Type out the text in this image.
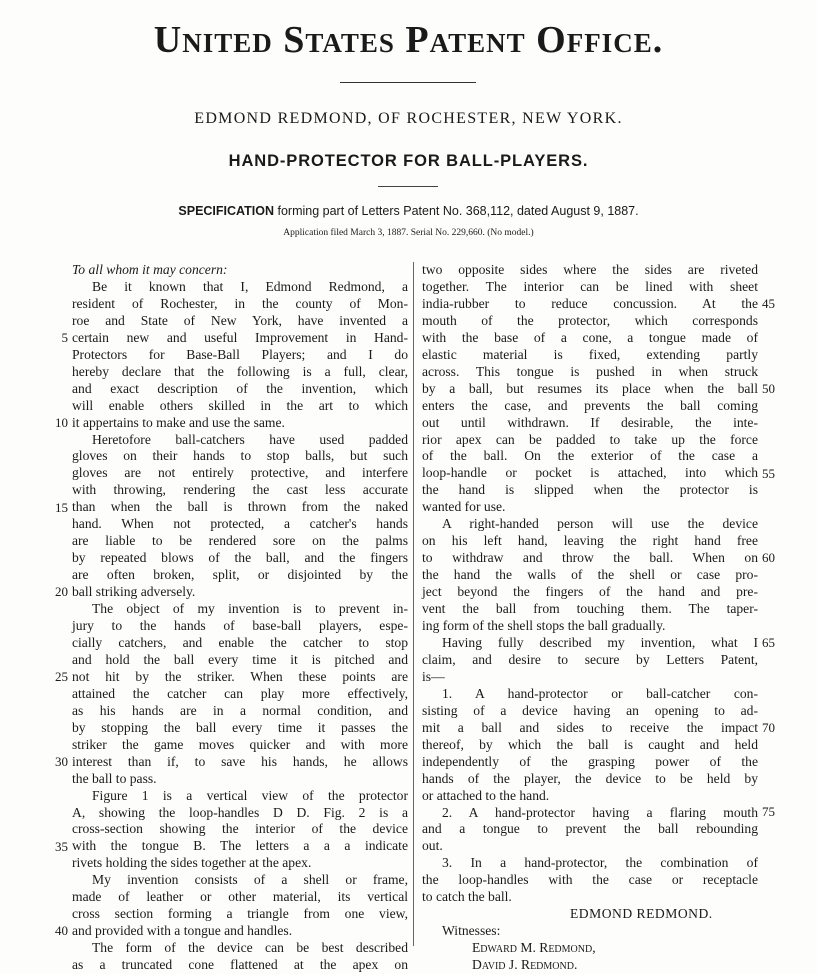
United States Patent Office.
EDMOND REDMOND, OF ROCHESTER, NEW YORK.
HAND-PROTECTOR FOR BALL-PLAYERS.
SPECIFICATION forming part of Letters Patent No. 368,112, dated August 9, 1887.
Application filed March 3, 1887. Serial No. 229,660. (No model.)
To all whom it may concern:
Be it known that I, Edmond Redmond, a
resident of Rochester, in the county of Mon-
roe and State of New York, have invented a
certain new and useful Improvement in Hand-
Protectors for Base-Ball Players; and I do
hereby declare that the following is a full, clear,
and exact description of the invention, which
will enable others skilled in the art to which
it appertains to make and use the same.
Heretofore ball-catchers have used padded
gloves on their hands to stop balls, but such
gloves are not entirely protective, and interfere
with throwing, rendering the cast less accurate
than when the ball is thrown from the naked
hand. When not protected, a catcher's hands
are liable to be rendered sore on the palms
by repeated blows of the ball, and the fingers
are often broken, split, or disjointed by the
ball striking adversely.
The object of my invention is to prevent in-
jury to the hands of base-ball players, espe-
cially catchers, and enable the catcher to stop
and hold the ball every time it is pitched and
not hit by the striker. When these points are
attained the catcher can play more effectively,
as his hands are in a normal condition, and
by stopping the ball every time it passes the
striker the game moves quicker and with more
interest than if, to save his hands, he allows
the ball to pass.
Figure 1 is a vertical view of the protector
A, showing the loop-handles D D. Fig. 2 is a
cross-section showing the interior of the device
with the tongue B. The letters a a a indicate
rivets holding the sides together at the apex.
My invention consists of a shell or frame,
made of leather or other material, its vertical
cross section forming a triangle from one view,
and provided with a tongue and handles.
The form of the device can be best described
as a truncated cone flattened at the apex on
two opposite sides where the sides are riveted
together. The interior can be lined with sheet
india-rubber to reduce concussion. At the
mouth of the protector, which corresponds
with the base of a cone, a tongue made of
elastic material is fixed, extending partly
across. This tongue is pushed in when struck
by a ball, but resumes its place when the ball
enters the case, and prevents the ball coming
out until withdrawn. If desirable, the inte-
rior apex can be padded to take up the force
of the ball. On the exterior of the case a
loop-handle or pocket is attached, into which
the hand is slipped when the protector is
wanted for use.
A right-handed person will use the device
on his left hand, leaving the right hand free
to withdraw and throw the ball. When on
the hand the walls of the shell or case pro-
ject beyond the fingers of the hand and pre-
vent the ball from touching them. The taper-
ing form of the shell stops the ball gradually.
Having fully described my invention, what I
claim, and desire to secure by Letters Patent,
is—
1. A hand-protector or ball-catcher con-
sisting of a device having an opening to ad-
mit a ball and sides to receive the impact
thereof, by which the ball is caught and held
independently of the grasping power of the
hands of the player, the device to be held by
or attached to the hand.
2. A hand-protector having a flaring mouth
and a tongue to prevent the ball rebounding
out.
3. In a hand-protector, the combination of
the loop-handles with the case or receptacle
to catch the ball.
EDMOND REDMOND.
Witnesses:
Edward M. Redmond,
David J. Redmond.
5
10
15
20
25
30
35
40
45
50
55
60
65
70
75
